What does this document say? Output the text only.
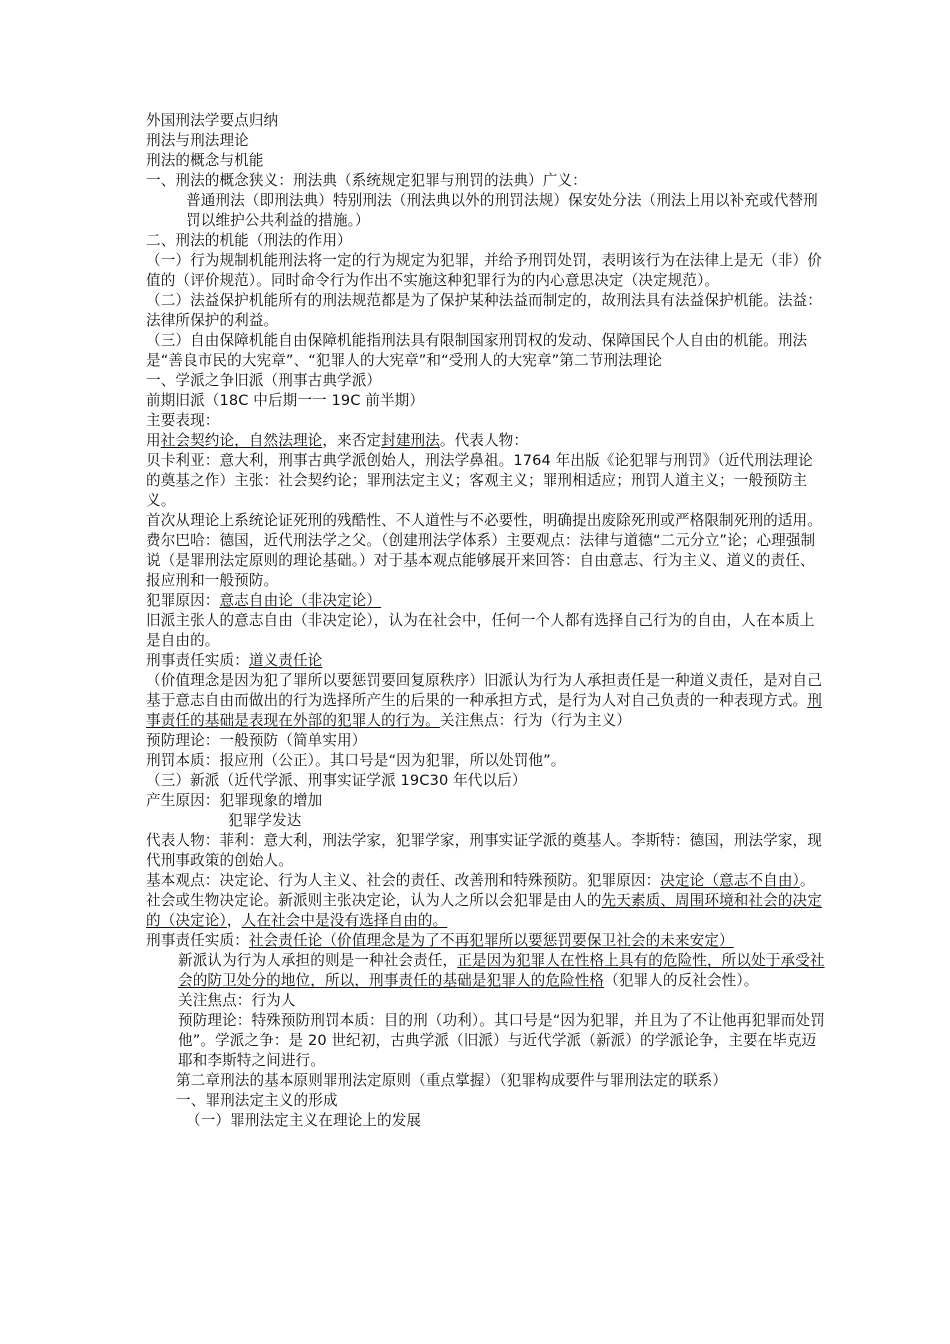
外国刑法学要点归纳

刑法与刑法理论

刑法的概念与机能

一、刑法的概念狭义：刑法典（系统规定犯罪与刑罚的法典）广义：

普通刑法（即刑法典）特别刑法（刑法典以外的刑罚法规）保安处分法（刑法上用以补充或代替刑罚以维护公共利益的措施。）

二、刑法的机能（刑法的作用）

（一）行为规制机能刑法将一定的行为规定为犯罪，并给予刑罚处罚，表明该行为在法律上是无（非）价值的（评价规范）。同时命令行为作出不实施这种犯罪行为的内心意思决定（决定规范）。

（二）法益保护机能所有的刑法规范都是为了保护某种法益而制定的，故刑法具有法益保护机能。法益：法律所保护的利益。

（三）自由保障机能自由保障机能指刑法具有限制国家刑罚权的发动、保障国民个人自由的机能。刑法是“善良市民的大宪章”、“犯罪人的大宪章”和“受刑人的大宪章”第二节刑法理论

一、学派之争旧派（刑事古典学派）

前期旧派（18C 中后期一一 19C 前半期）

主要表现：

用社会契约论，自然法理论，来否定封建刑法。代表人物：

贝卡利亚：意大利，刑事古典学派创始人，刑法学鼻祖。1764 年出版《论犯罪与刑罚》（近代刑法理论的奠基之作）主张：社会契约论；罪刑法定主义；客观主义；罪刑相适应；刑罚人道主义；一般预防主义。

首次从理论上系统论证死刑的残酷性、不人道性与不必要性，明确提出废除死刑或严格限制死刑的适用。

费尔巴哈：德国，近代刑法学之父。（创建刑法学体系）主要观点：法律与道德“二元分立”论；心理强制说（是罪刑法定原则的理论基础。）对于基本观点能够展开来回答：自由意志、行为主义、道义的责任、报应刑和一般预防。

犯罪原因：意志自由论（非决定论）

旧派主张人的意志自由（非决定论），认为在社会中，任何一个人都有选择自己行为的自由，人在本质上是自由的。

刑事责任实质：道义责任论

（价值理念是因为犯了罪所以要惩罚要回复原秩序）旧派认为行为人承担责任是一种道义责任，是对自己基于意志自由而做出的行为选择所产生的后果的一种承担方式，是行为人对自己负责的一种表现方式。刑事责任的基础是表现在外部的犯罪人的行为。关注焦点：行为（行为主义）

预防理论：一般预防（简单实用）

刑罚本质：报应刑（公正）。其口号是“因为犯罪，所以处罚他”。

（三）新派（近代学派、刑事实证学派 19C30 年代以后）

产生原因：犯罪现象的增加

犯罪学发达

代表人物：菲利：意大利，刑法学家，犯罪学家，刑事实证学派的奠基人。李斯特：德国，刑法学家，现代刑事政策的创始人。

基本观点：决定论、行为人主义、社会的责任、改善刑和特殊预防。犯罪原因：决定论（意志不自由）。社会或生物决定论。新派则主张决定论，认为人之所以会犯罪是由人的先天素质、周围环境和社会的决定的（决定论），人在社会中是没有选择自由的。

刑事责任实质：社会责任论（价值理念是为了不再犯罪所以要惩罚要保卫社会的未来安定）

新派认为行为人承担的则是一种社会责任，正是因为犯罪人在性格上具有的危险性，所以处于承受社会的防卫处分的地位，所以，刑事责任的基础是犯罪人的危险性格（犯罪人的反社会性）。

关注焦点：行为人

预防理论：特殊预防刑罚本质：目的刑（功利）。其口号是“因为犯罪，并且为了不让他再犯罪而处罚他”。学派之争：是 20 世纪初，古典学派（旧派）与近代学派（新派）的学派论争，主要在毕克迈耶和李斯特之间进行。

第二章刑法的基本原则罪刑法定原则（重点掌握）（犯罪构成要件与罪刑法定的联系）

一、罪刑法定主义的形成

（一）罪刑法定主义在理论上的发展
